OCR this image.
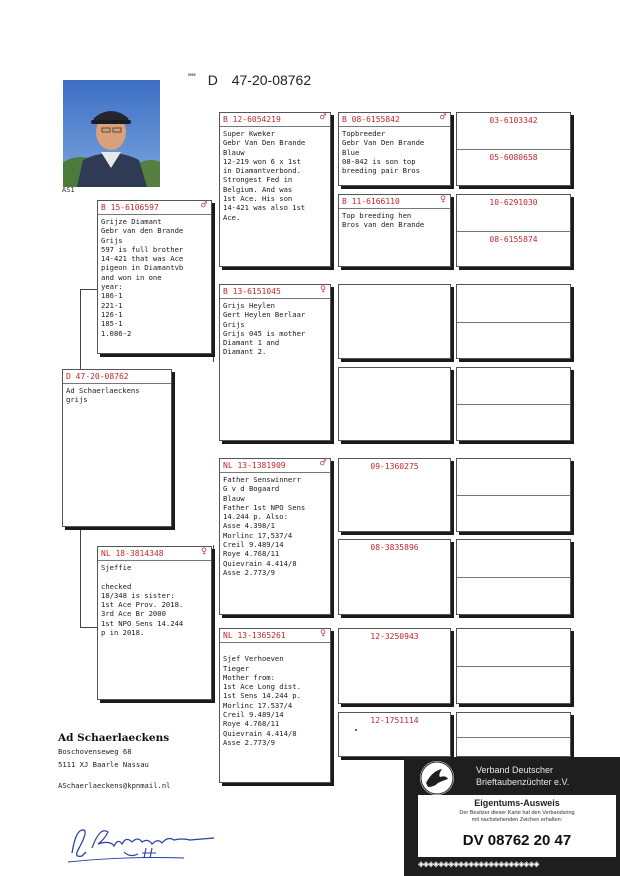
"" D 47-20-08762
AS1
D 47-20-08762
Ad Schaerlaeckens
grijs
B 15-6106597	♂
Grijze Diamant
Gebr van den Brande
Grijs
597 is full brother
14-421 that was Ace
pigeon in Diamantvb
and won in one
year:
186-1
221-1
126-1
185-1
1.086-2
NL 18-3814348	♀
Sjeffie

checked
18/348 is sister:
1st Ace Prov. 2018.
3rd Ace Br 2000
1st NPO Sens 14.244
p in 2018.
B 12-6054219	♂
Super Kweker
Gebr Van Den Brande
Blauw
12-219 won 6 x 1st
in Diamantverbond.
Strongest Fed in
Belgium. And was
1st Ace. His son
14-421 was also 1st
Ace.
B 13-6151045	♀
Grijs Heylen
Gert Heylen Berlaar
Grijs
Grijs 045 is mother
Diamant 1 and
Diamant 2.
NL 13-1381909	♂
Father Senswinnerr
G v d Bogaard
Blauw
Father 1st NPO Sens
14.244 p. Also:
Asse 4.398/1
Morlinc 17,537/4
Creil 9.489/14
Roye 4.768/11
Quievrain 4.414/8
Asse 2.773/9
NL 13-1365261	♀

Sjef Verhoeven
Tieger
Mother from:
1st Ace Long dist.
1st Sens 14.244 p.
Morlinc 17.537/4
Creil 9.489/14
Roye 4.768/11
Quievrain 4.414/8
Asse 2.773/9
B 08-6155842	♂
Topbreeder
Gebr Van Den Brande
Blue
08-842 is son top
breeding pair Bros
B 11-6166110	♀
Top breeding hen
Bros van den Brande
09-1360275
08-3835896
12-3250943
12-1751114
03-6103342
05-6080658
10-6291030
08-6155874
Ad Schaerlaeckens
Boschovenseweg 68
5111 XJ Baarle Nassau
ASchaerlaeckens@kpnmail.nl
Verband Deutscher
Brieftaubenzüchter e.V.
Eigentums-Ausweis
Der Besitzer dieser Karte hat den Verbandsring
mit nachstehenden Zeichen erhalten:
DV 08762 20 47
◈◈◈◈◈◈◈◈◈◈◈◈◈◈◈◈◈◈◈◈◈◈◈◈
